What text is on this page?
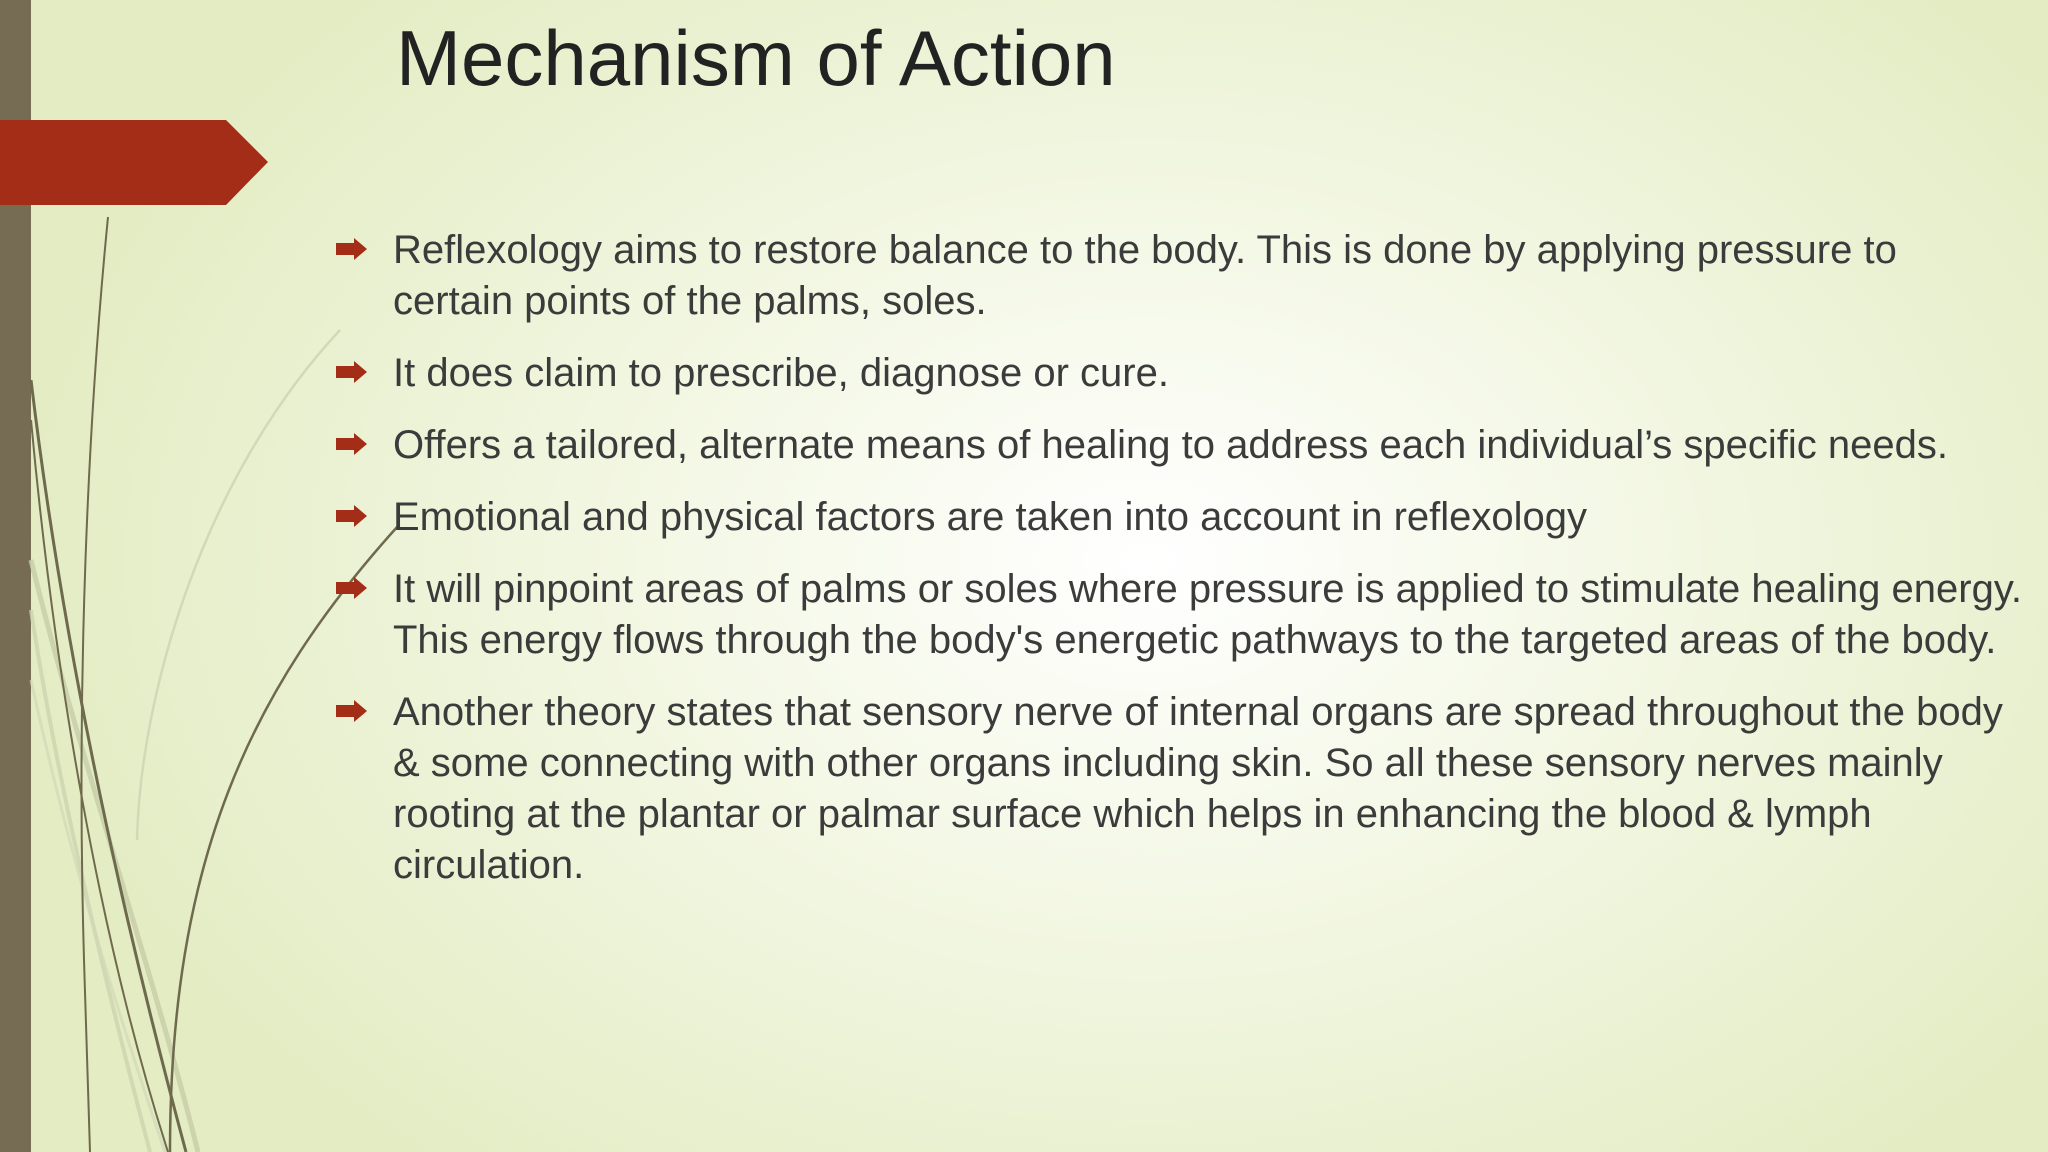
Mechanism of Action
Reflexology aims to restore balance to the body. This is done by applying pressure to certain points of the palms, soles.
It does claim to prescribe, diagnose or cure.
Offers a tailored, alternate means of healing to address each individual’s specific needs.
Emotional and physical factors are taken into account in reflexology
It will pinpoint areas of palms or soles where pressure is applied to stimulate healing energy. This energy flows through the body's energetic pathways to the targeted areas of the body.
Another theory states that sensory nerve of internal organs are spread throughout the body & some connecting with other organs including skin. So all these sensory nerves mainly rooting at the plantar or palmar surface which helps in enhancing the blood & lymph circulation.
